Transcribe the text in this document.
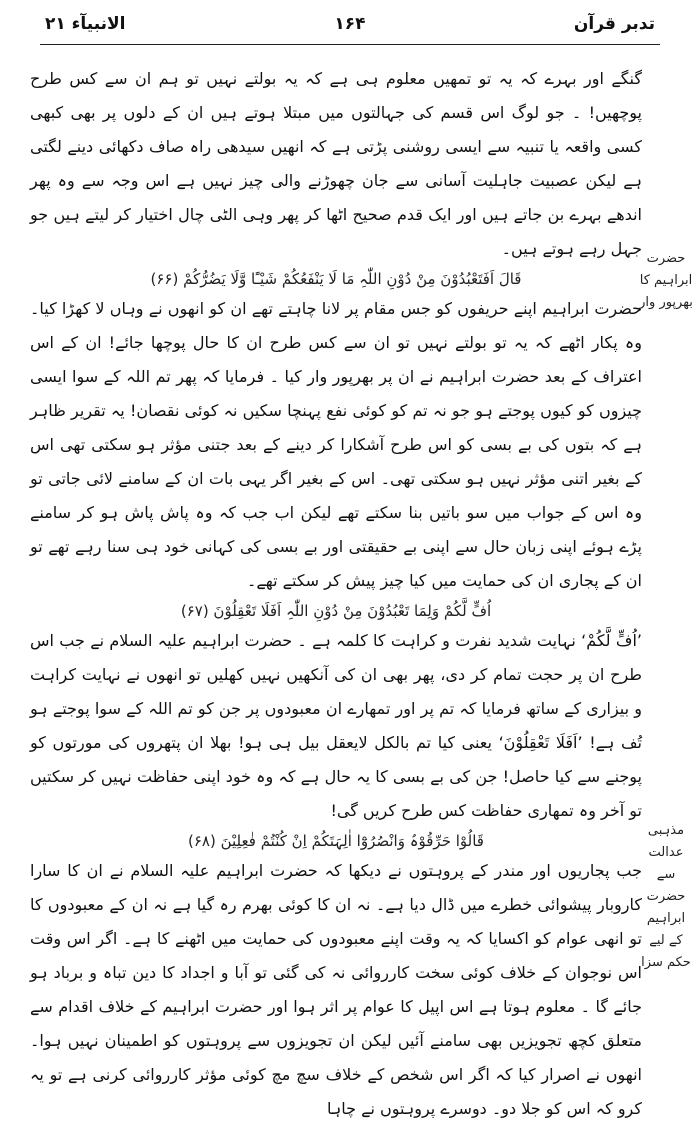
تدبر قرآن
۱۶۴
الانبیآء ۲۱

گنگے اور بہرے کہ یہ تو تمھیں معلوم ہی ہے کہ یہ بولتے نہیں تو ہم ان سے کس طرح پوچھیں! ۔ جو لوگ اس قسم کی جہالتوں میں مبتلا ہوتے ہیں ان کے دلوں پر بھی کبھی کسی واقعہ یا تنبیہ سے ایسی روشنی پڑتی ہے کہ انھیں سیدھی راہ صاف دکھائی دینے لگتی ہے لیکن عصبیت جاہلیت آسانی سے جان چھوڑنے والی چیز نہیں ہے اس وجہ سے وہ پھر اندھے بہرے بن جاتے ہیں اور ایک قدم صحیح اٹھا کر پھر وہی الٹی چال اختیار کر لیتے ہیں جو جہل رہے ہوتے ہیں۔

قَالَ اَفَتَعْبُدُوْنَ مِنْ دُوْنِ اللّٰہِ مَا لَا یَنْفَعُکُمْ شَیْـًٔا وَّلَا یَضُرُّکُمْ (۶۶)

حضرت ابراہیم اپنے حریفوں کو جس مقام پر لانا چاہتے تھے ان کو انھوں نے وہاں لا کھڑا کیا۔ وہ پکار اٹھے کہ یہ تو بولتے نہیں تو ان سے کس طرح ان کا حال پوچھا جائے! ان کے اس اعتراف کے بعد حضرت ابراہیم نے ان پر بھرپور وار کیا ۔ فرمایا کہ پھر تم اللہ کے سوا ایسی چیزوں کو کیوں پوجتے ہو جو نہ تم کو کوئی نفع پہنچا سکیں نہ کوئی نقصان! یہ تقریر ظاہر ہے کہ بتوں کی بے بسی کو اس طرح آشکارا کر دینے کے بعد جتنی مؤثر ہو سکتی تھی اس کے بغیر اتنی مؤثر نہیں ہو سکتی تھی۔ اس کے بغیر اگر یہی بات ان کے سامنے لائی جاتی تو وہ اس کے جواب میں سو باتیں بنا سکتے تھے لیکن اب جب کہ وہ پاش پاش ہو کر سامنے پڑے ہوئے اپنی زبان حال سے اپنی بے حقیقتی اور بے بسی کی کہانی خود ہی سنا رہے تھے تو ان کے پجاری ان کی حمایت میں کیا چیز پیش کر سکتے تھے۔

اُفٍّ لَّکُمْ وَلِمَا تَعْبُدُوْنَ مِنْ دُوْنِ اللّٰہِ اَفَلَا تَعْقِلُوْنَ (۶۷)

’اُفٍّ لَّکُمْ‘ نہایت شدید نفرت و کراہت کا کلمہ ہے ۔ حضرت ابراہیم علیہ السلام نے جب اس طرح ان پر حجت تمام کر دی، پھر بھی ان کی آنکھیں نہیں کھلیں تو انھوں نے نہایت کراہت و بیزاری کے ساتھ فرمایا کہ تم پر اور تمھارے ان معبودوں پر جن کو تم اللہ کے سوا پوجتے ہو تُف ہے! ’اَفَلَا تَعْقِلُوْنَ‘ یعنی کیا تم بالکل لایعقل بیل ہی ہو! بھلا ان پتھروں کی مورتوں کو پوجنے سے کیا حاصل! جن کی بے بسی کا یہ حال ہے کہ وہ خود اپنی حفاظت نہیں کر سکتیں تو آخر وہ تمھاری حفاظت کس طرح کریں گی!

قَالُوْا حَرِّقُوْہُ وَانْصُرُوْٓا اٰلِہَتَکُمْ اِنْ کُنْتُمْ فٰعِلِیْنَ (۶۸)

جب پجاریوں اور مندر کے پروہتوں نے دیکھا کہ حضرت ابراہیم علیہ السلام نے ان کا سارا کاروبار پیشوائی خطرے میں ڈال دیا ہے۔ نہ ان کا کوئی بھرم رہ گیا ہے نہ ان کے معبودوں کا تو انھی عوام کو اکسایا کہ یہ وقت اپنے معبودوں کی حمایت میں اٹھنے کا ہے۔ اگر اس وقت اس نوجوان کے خلاف کوئی سخت کارروائی نہ کی گئی تو آبا و اجداد کا دین تباہ و برباد ہو جائے گا ۔ معلوم ہوتا ہے اس اپیل کا عوام پر اثر ہوا اور حضرت ابراہیم کے خلاف اقدام سے متعلق کچھ تجویزیں بھی سامنے آئیں لیکن ان تجویزوں سے پروہتوں کو اطمینان نہیں ہوا۔ انھوں نے اصرار کیا کہ اگر اس شخص کے خلاف سچ مچ کوئی مؤثر کارروائی کرنی ہے تو یہ کرو کہ اس کو جلا دو۔ دوسرے پروہتوں نے چاہا

حضرت ابراہیم کا بھرپور وار
مذہبی عدالت سے حضرت ابراہیم کے لیے حکم سزا
